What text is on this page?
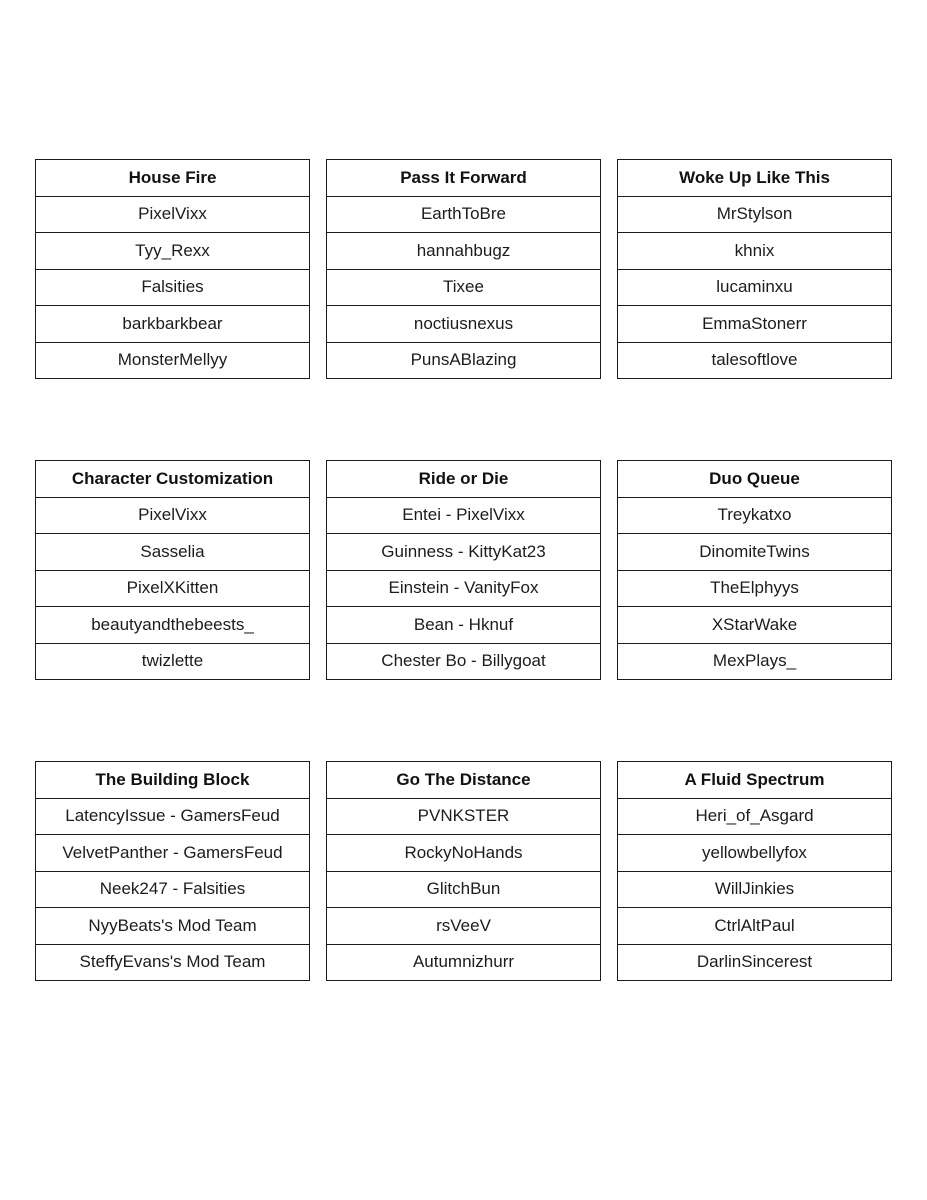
House Fire
PixelVixx
Tyy_Rexx
Falsities
barkbarkbear
MonsterMellyy
Pass It Forward
EarthToBre
hannahbugz
Tixee
noctiusnexus
PunsABlazing
Woke Up Like This
MrStylson
khnix
lucaminxu
EmmaStonerr
talesoftlove
Character Customization
PixelVixx
Sasselia
PixelXKitten
beautyandthebeests_
twizlette
Ride or Die
Entei - PixelVixx
Guinness - KittyKat23
Einstein - VanityFox
Bean - Hknuf
Chester Bo - Billygoat
Duo Queue
Treykatxo
DinomiteTwins
TheElphyys
XStarWake
MexPlays_
The Building Block
LatencyIssue - GamersFeud
VelvetPanther - GamersFeud
Neek247 - Falsities
NyyBeats's Mod Team
SteffyEvans's Mod Team
Go The Distance
PVNKSTER
RockyNoHands
GlitchBun
rsVeeV
Autumnizhurr
A Fluid Spectrum
Heri_of_Asgard
yellowbellyfox
WillJinkies
CtrlAltPaul
DarlinSincerest
